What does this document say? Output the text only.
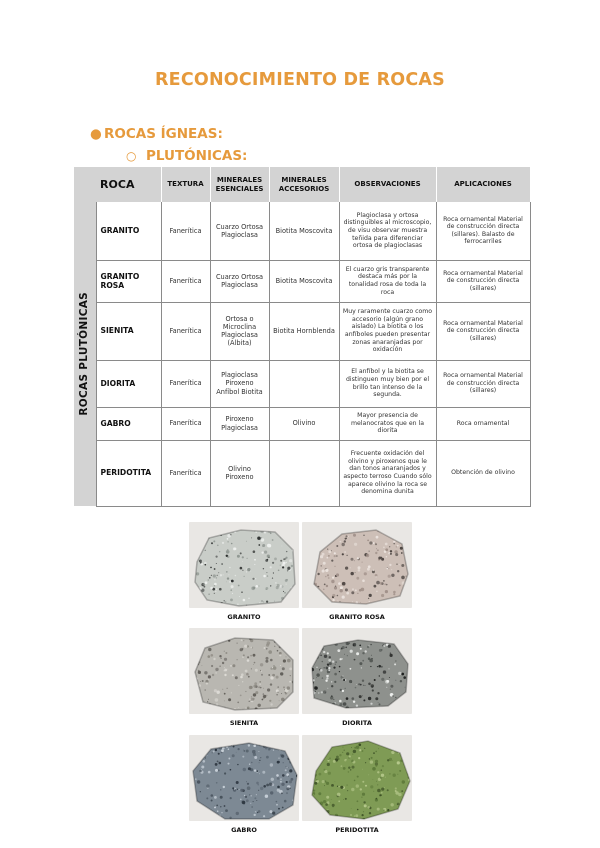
RECONOCIMIENTO DE ROCAS
● ROCAS ÍGNEAS:
○ PLUTÓNICAS:
ROCA		TEXTURA	MINERALES ESENCIALES	MINERALES ACCESORIOS	OBSERVACIONES	APLICACIONES

ROCAS PLUTÓNICAS	GRANITO	Fanerítica	Cuarzo Ortosa Plagioclasa	Biotita Moscovita	Plagioclasa y ortosa distinguibles al microscopio, de visu observar muestra teñida para diferenciar ortosa de plagioclasas	Roca ornamental Material de construcción directa (sillares). Balasto de ferrocarriles
	GRANITO ROSA	Fanerítica	Cuarzo Ortosa Plagioclasa	Biotita Moscovita	El cuarzo gris transparente destaca más por la tonalidad rosa de toda la roca	Roca ornamental Material de construcción directa (sillares)
	SIENITA	Fanerítica	Ortosa o Microclina Plagioclasa (Albita)	Biotita Hornblenda	Muy raramente cuarzo como accesorio (algún grano aislado) La biotita o los anfíboles pueden presentar zonas anaranjadas por oxidación	Roca ornamental Material de construcción directa (sillares)
	DIORITA	Fanerítica	Plagioclasa Piroxeno Anfíbol Biotita		El anfíbol y la biotita se distinguen muy bien por el brillo tan intenso de la segunda.	Roca ornamental Material de construcción directa (sillares)
	GABRO	Fanerítica	Piroxeno Plagioclasa	Olivino	Mayor presencia de melanocratos que en la diorita	Roca ornamental
	PERIDOTITA	Fanerítica	Olivino Piroxeno		Frecuente oxidación del olivino y piroxenos que le dan tonos anaranjados y aspecto terroso Cuando sólo aparece olivino la roca se denomina dunita	Obtención de olivino
GRANITO	GRANITO ROSA
SIENITA	DIORITA
GABRO	PERIDOTITA
